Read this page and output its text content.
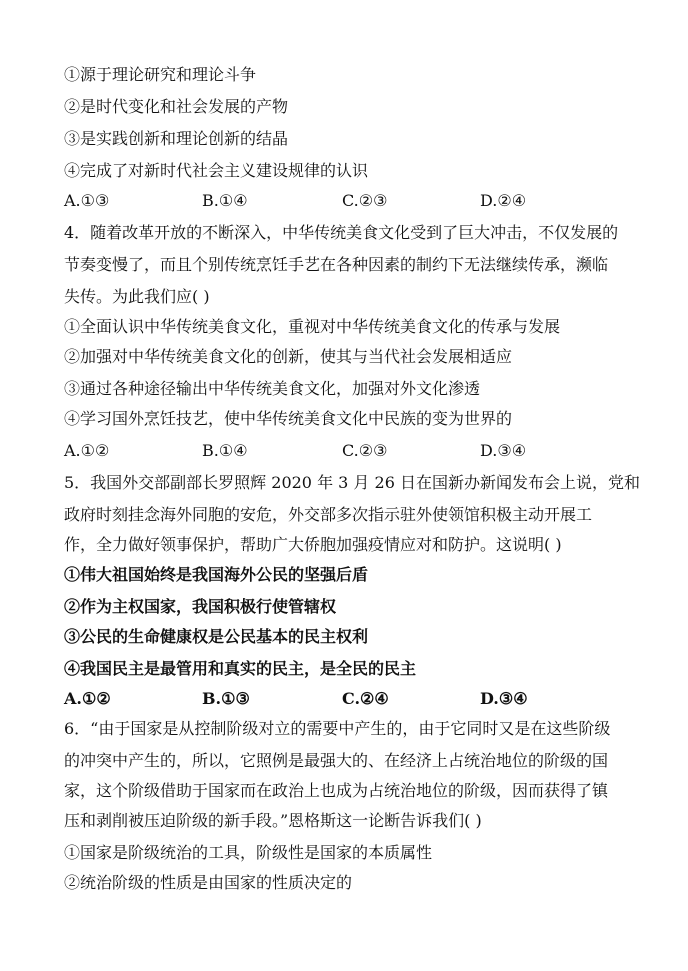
①源于理论研究和理论斗争
②是时代变化和社会发展的产物
③是实践创新和理论创新的结晶
④完成了对新时代社会主义建设规律的认识
A.①③	B.①④	C.②③	D.②④
4．随着改革开放的不断深入，中华传统美食文化受到了巨大冲击，不仅发展的
节奏变慢了，而且个别传统烹饪手艺在各种因素的制约下无法继续传承，濒临
失传。为此我们应( )
①全面认识中华传统美食文化，重视对中华传统美食文化的传承与发展
②加强对中华传统美食文化的创新，使其与当代社会发展相适应
③通过各种途径输出中华传统美食文化，加强对外文化渗透
④学习国外烹饪技艺，使中华传统美食文化中民族的变为世界的
A.①②	B.①④	C.②③	D.③④
5．我国外交部副部长罗照辉 2020 年 3 月 26 日在国新办新闻发布会上说，党和
政府时刻挂念海外同胞的安危，外交部多次指示驻外使领馆积极主动开展工
作，全力做好领事保护，帮助广大侨胞加强疫情应对和防护。这说明( )
①伟大祖国始终是我国海外公民的坚强后盾
②作为主权国家，我国积极行使管辖权
③公民的生命健康权是公民基本的民主权利
④我国民主是最管用和真实的民主，是全民的民主
A.①②	B.①③	C.②④	D.③④
6．“由于国家是从控制阶级对立的需要中产生的，由于它同时又是在这些阶级
的冲突中产生的，所以，它照例是最强大的、在经济上占统治地位的阶级的国
家，这个阶级借助于国家而在政治上也成为占统治地位的阶级，因而获得了镇
压和剥削被压迫阶级的新手段。”恩格斯这一论断告诉我们( )
①国家是阶级统治的工具，阶级性是国家的本质属性
②统治阶级的性质是由国家的性质决定的
